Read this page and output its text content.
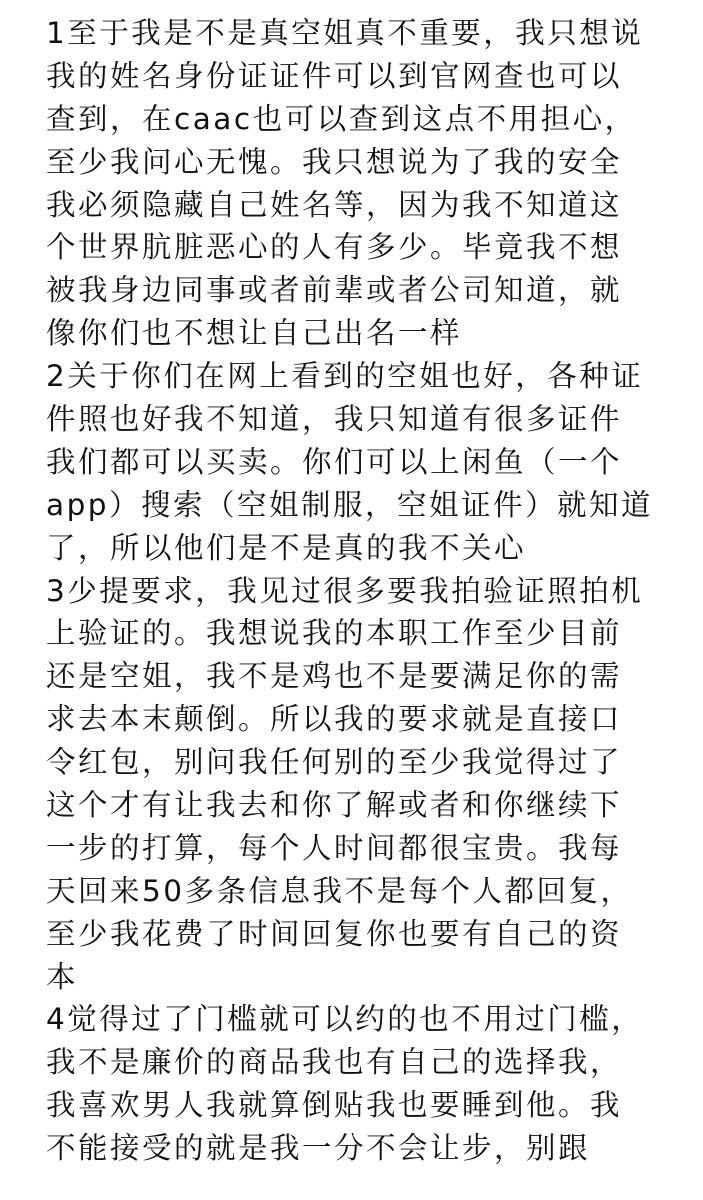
1至于我是不是真空姐真不重要，我只想说
我的姓名身份证证件可以到官网查也可以
查到，在caac也可以查到这点不用担心，
至少我问心无愧。我只想说为了我的安全
我必须隐藏自己姓名等，因为我不知道这
个世界肮脏恶心的人有多少。毕竟我不想
被我身边同事或者前辈或者公司知道，就
像你们也不想让自己出名一样
2关于你们在网上看到的空姐也好，各种证
件照也好我不知道，我只知道有很多证件
我们都可以买卖。你们可以上闲鱼（一个
app）搜索（空姐制服，空姐证件）就知道
了，所以他们是不是真的我不关心
3少提要求，我见过很多要我拍验证照拍机
上验证的。我想说我的本职工作至少目前
还是空姐，我不是鸡也不是要满足你的需
求去本末颠倒。所以我的要求就是直接口
令红包，别问我任何别的至少我觉得过了
这个才有让我去和你了解或者和你继续下
一步的打算，每个人时间都很宝贵。我每
天回来50多条信息我不是每个人都回复，
至少我花费了时间回复你也要有自己的资
本
4觉得过了门槛就可以约的也不用过门槛，
我不是廉价的商品我也有自己的选择我，
我喜欢男人我就算倒贴我也要睡到他。我
不能接受的就是我一分不会让步，别跟
